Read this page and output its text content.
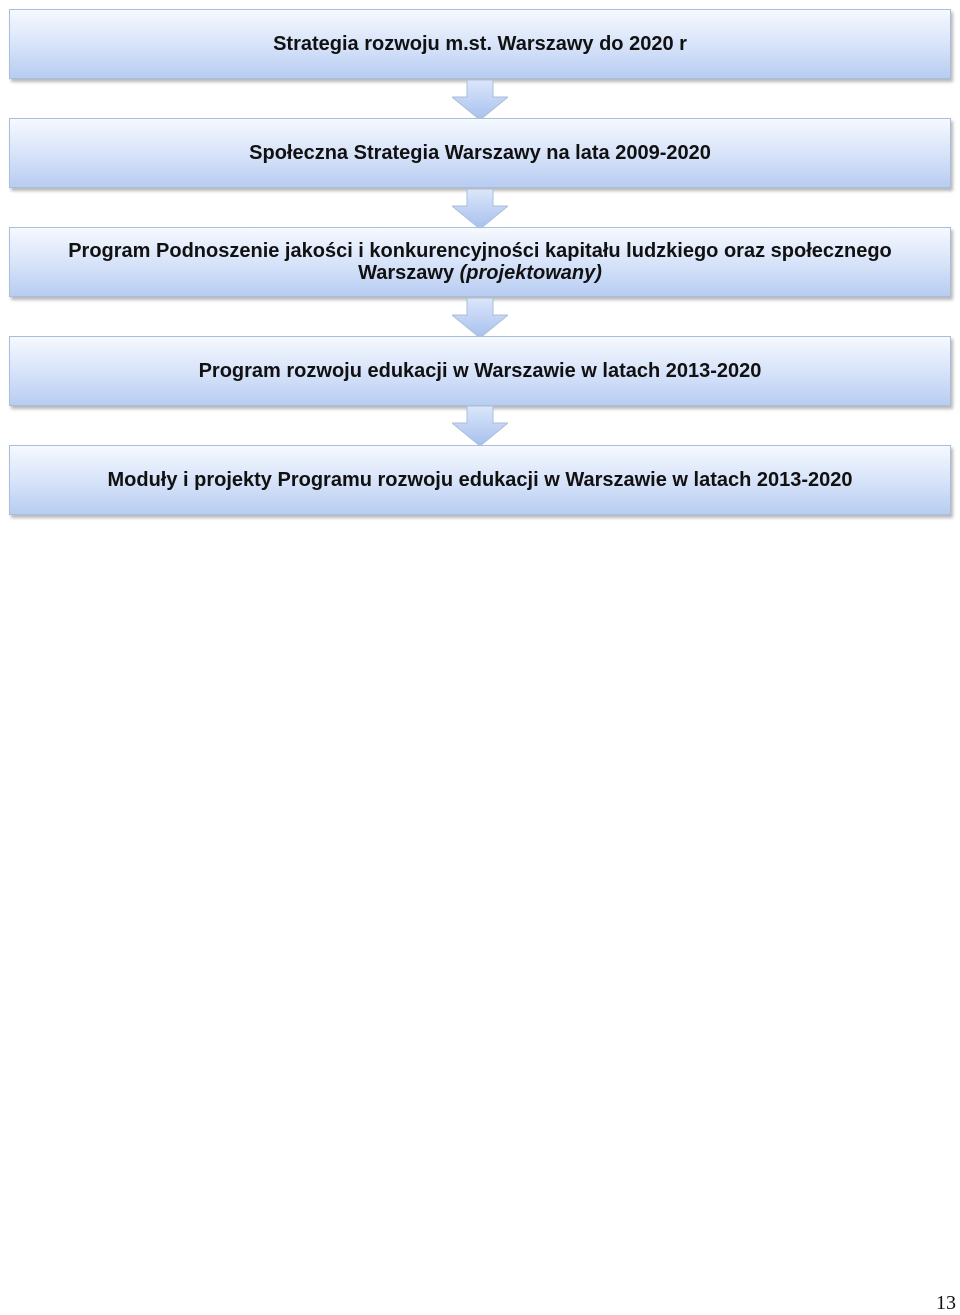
Strategia rozwoju m.st. Warszawy do 2020 r
Społeczna Strategia Warszawy na lata 2009-2020
Program Podnoszenie jakości i konkurencyjności kapitału ludzkiego oraz społecznego Warszawy (projektowany)
Program rozwoju edukacji w Warszawie w latach 2013-2020
Moduły i projekty Programu rozwoju edukacji w Warszawie w latach 2013-2020
13
